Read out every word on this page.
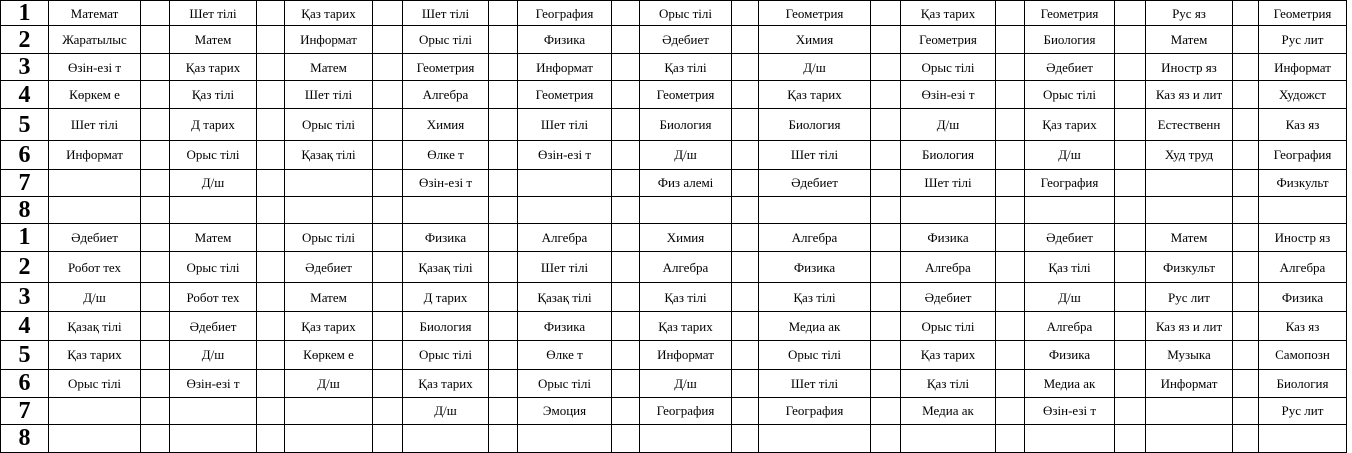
1	Математ		Шет тілі		Қаз тарих		Шет тілі		География		Орыс тілі		Геометрия		Қаз тарих		Геометрия		Рус яз		Геометрия
2	Жаратылыс		Матем		Информат		Орыс тілі		Физика		Әдебиет		Химия		Геометрия		Биология		Матем		Рус лит
3	Өзін-езі т		Қаз тарих		Матем		Геометрия		Информат		Қаз тілі		Д/ш		Орыс тілі		Әдебиет		Иностр яз		Информат
4	Көркем е		Қаз тілі		Шет тілі		Алгебра		Геометрия		Геометрия		Қаз тарих		Өзін-езі т		Орыс тілі		Каз яз и лит		Художст
5	Шет тілі		Д тарих		Орыс тілі		Химия		Шет тілі		Биология		Биология		Д/ш		Қаз тарих		Естественн		Каз яз
6	Информат		Орыс тілі		Қазақ тілі		Өлке т		Өзін-езі т		Д/ш		Шет тілі		Биология		Д/ш		Худ труд		География
7			Д/ш				Өзін-езі т				Физ алемі		Әдебиет		Шет тілі		География				Физкульт
8																					
1	Әдебиет		Матем		Орыс тілі		Физика		Алгебра		Химия		Алгебра		Физика		Әдебиет		Матем		Иностр яз
2	Робот тех		Орыс тілі		Әдебиет		Қазақ тілі		Шет тілі		Алгебра		Физика		Алгебра		Қаз тілі		Физкульт		Алгебра
3	Д/ш		Робот тех		Матем		Д тарих		Қазақ тілі		Қаз тілі		Қаз тілі		Әдебиет		Д/ш		Рус лит		Физика
4	Қазақ тілі		Әдебиет		Қаз тарих		Биология		Физика		Қаз тарих		Медиа ак		Орыс тілі		Алгебра		Каз яз и лит		Каз яз
5	Қаз тарих		Д/ш		Көркем е		Орыс тілі		Өлке т		Информат		Орыс тілі		Қаз тарих		Физика		Музыка		Самопозн
6	Орыс тілі		Өзін-езі т		Д/ш		Қаз тарих		Орыс тілі		Д/ш		Шет тілі		Қаз тілі		Медиа ак		Информат		Биология
7							Д/ш		Эмоция		География		География		Медиа ак		Өзін-езі т				Рус лит
8																					
